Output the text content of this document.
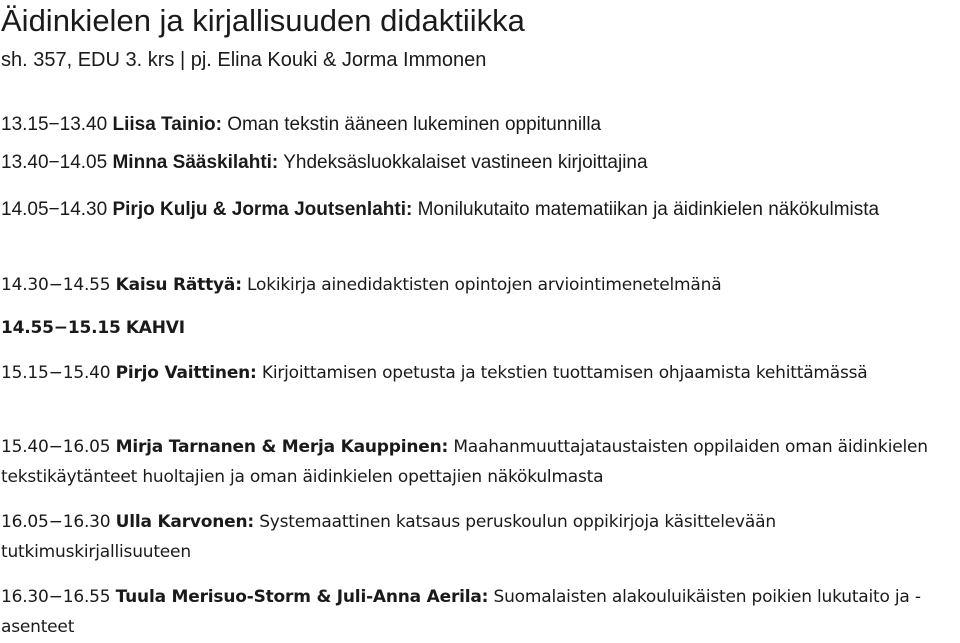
Äidinkielen ja kirjallisuuden didaktiikka
sh. 357, EDU 3. krs | pj. Elina Kouki & Jorma Immonen
13.15−13.40 Liisa Tainio: Oman tekstin ääneen lukeminen oppitunnilla
13.40−14.05 Minna Sääskilahti: Yhdeksäsluokkalaiset vastineen kirjoittajina
14.05−14.30 Pirjo Kulju & Jorma Joutsenlahti: Monilukutaito matematiikan ja äidinkielen näkökulmista
14.30−14.55 Kaisu Rättyä: Lokikirja ainedidaktisten opintojen arviointimenetelmänä
14.55−15.15 KAHVI
15.15−15.40 Pirjo Vaittinen: Kirjoittamisen opetusta ja tekstien tuottamisen ohjaamista kehittämässä
15.40−16.05 Mirja Tarnanen & Merja Kauppinen: Maahanmuuttajataustaisten oppilaiden oman äidinkielen tekstikäytänteet huoltajien ja oman äidinkielen opettajien näkökulmasta
16.05−16.30 Ulla Karvonen: Systemaattinen katsaus peruskoulun oppikirjoja käsittelevään tutkimuskirjallisuuteen
16.30−16.55 Tuula Merisuo-Storm & Juli-Anna Aerila: Suomalaisten alakouluikäisten poikien lukutaito ja -asenteet
